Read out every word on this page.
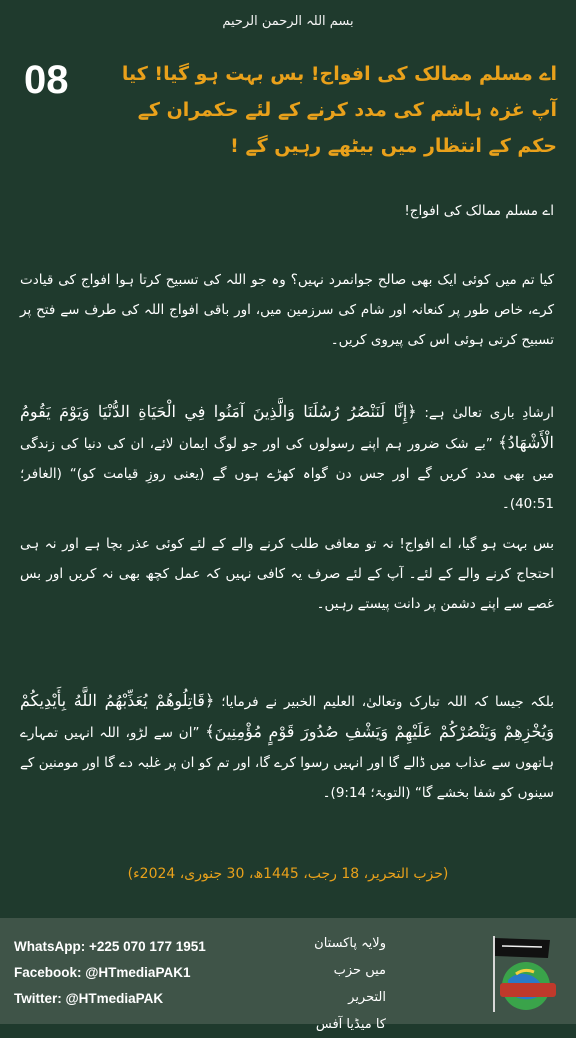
بسم اللہ الرحمن الرحیم
08	اے مسلم ممالک کی افواج! بس بہت ہو گیا! کیا آپ غزہ ہاشم کی مدد کرنے کے لئے حکمران کے حکم کے انتظار میں بیٹھے رہیں گے !
اے مسلم ممالک کی افواج!
کیا تم میں کوئی ایک بھی صالح جوانمرد نہیں؟ وہ جو اللہ کی تسبیح کرتا ہوا افواج کی قیادت کرے، خاص طور پر کنعانہ اور شام کی سرزمین میں، اور باقی افواج اللہ کی طرف سے فتح پر تسبیح کرتی ہوئی اس کی پیروی کریں۔
ارشادِ باری تعالیٰ ہے: ﴿إِنَّا لَنَنْصُرُ رُسُلَنَا وَالَّذِينَ آمَنُوا فِي الْحَيَاةِ الدُّنْيَا وَيَوْمَ يَقُومُ الْأَشْهَادُ﴾ ”بے شک ضرور ہم اپنے رسولوں کی اور جو لوگ ایمان لائے، ان کی دنیا کی زندگی میں بھی مدد کریں گے اور جس دن گواہ کھڑے ہوں گے (یعنی روزِ قیامت کو)“ (الغافر؛ 40:51)۔
بس بہت ہو گیا، اے افواج! نہ تو معافی طلب کرنے والے کے لئے کوئی عذر بچا ہے اور نہ ہی احتجاج کرنے والے کے لئے۔ آپ کے لئے صرف یہ کافی نہیں کہ عمل کچھ بھی نہ کریں اور بس غصے سے اپنے دشمن پر دانت پیستے رہیں۔
بلکہ جیسا کہ اللہ تبارک وتعالیٰ، العلیم الخبیر نے فرمایا؛ ﴿قَاتِلُوهُمْ يُعَذِّبْهُمُ اللَّهُ بِأَيْدِيكُمْ وَيُخْزِهِمْ وَيَنْصُرْكُمْ عَلَيْهِمْ وَيَشْفِ صُدُورَ قَوْمٍ مُؤْمِنِينَ﴾ ”ان سے لڑو، اللہ انہیں تمہارے ہاتھوں سے عذاب میں ڈالے گا اور انہیں رسوا کرے گا، اور تم کو ان پر غلبہ دے گا اور مومنین کے سینوں کو شفا بخشے گا“ (التوبۃ؛ 9:14)۔
(حزب التحریر، 18 رجب، 1445ھ، 30 جنوری، 2024ء)
WhatsApp: +225 070 177 1951
Facebook: @HTmediaPAK1
Twitter: @HTmediaPAK
ولایہ پاکستان
میں حزب التحریر
کا میڈیا آفس
